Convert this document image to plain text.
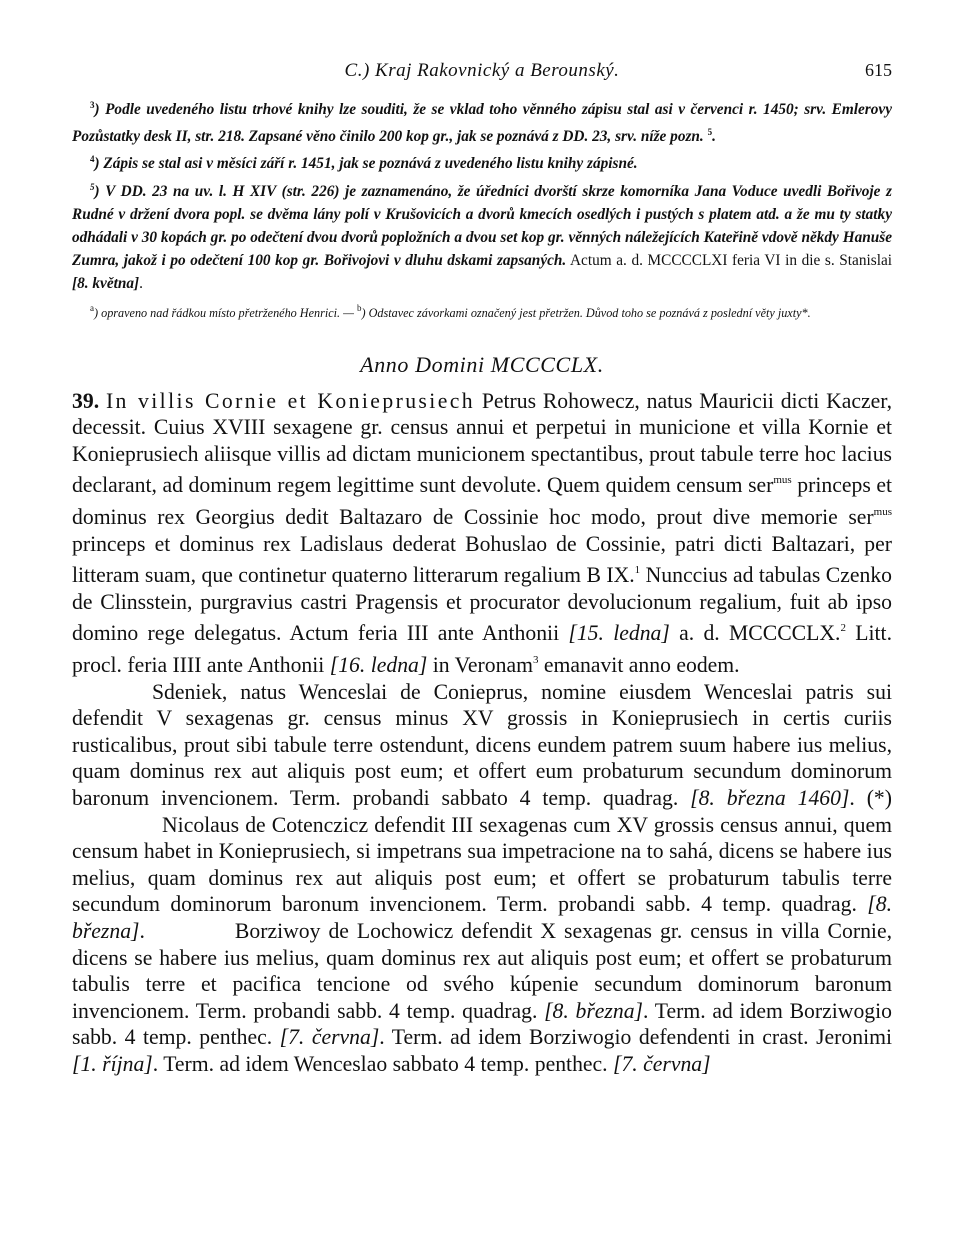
C.) Kraj Rakovnický a Berounský.	615

$^3$) Podle uvedeného listu trhové knihy lze souditi, že se vklad toho věnného zápisu stal asi v červenci r. 1450; srv. Emlerovy Pozůstatky desk II, str. 218. Zapsané věno činilo 200 kop gr., jak se poznává z DD. 23, srv. níže pozn. $^5$.

$^4$) Zápis se stal asi v měsíci září r. 1451, jak se poznává z uvedeného listu knihy zápisné.

$^5$) V DD. 23 na uv. l. H XIV (str. 226) je zaznamenáno, že úředníci dvorští skrze komorníka Jana Voduce uvedli Bořivoje z Rudné v držení dvora popl. se dvěma lány polí v Krušovicích a dvorů kmecích osedlých i pustých s platem atd. a že mu ty statky odhádali v 30 kopách gr. po odečtení dvou dvorů popložních a dvou set kop gr. věnných náležejících Kateřině vdově někdy Hanuše Zumra, jakož i po odečtení 100 kop gr. Bořivojovi v dluhu dskami zapsaných. Actum a. d. MCCCCLXI feria VI in die s. Stanislai [8. května].

$^a$) opraveno nad řádkou místo přetrženého Henrici. — $^b$) Odstavec závorkami označený jest přetržen. Důvod toho se poznává z poslední věty juxty*.

Anno Domini MCCCCLX.

39. In villis Cornie et Konieprusiech Petrus Rohowecz, natus Mauricii dicti Kaczer, decessit. Cuius XVIII sexagene gr. census annui et perpetui in municione et villa Kornie et Konieprusiech aliisque villis ad dictam municionem spectantibus, prout tabule terre hoc lacius declarant, ad dominum regem legittime sunt devolute. Quem quidem censum ser$^{mus}$ princeps et dominus rex Georgius dedit Baltazaro de Cossinie hoc modo, prout dive memorie ser$^{mus}$ princeps et dominus rex Ladislaus dederat Bohuslao de Cossinie, patri dicti Baltazari, per litteram suam, que continetur quaterno litterarum regalium B IX.$^1$ Nunccius ad tabulas Czenko de Clinsstein, purgravius castri Pragensis et procurator devolucionum regalium, fuit ab ipso domino rege delegatus. Actum feria III ante Anthonii [15. ledna] a. d. MCCCCLX.$^2$ Litt. procl. feria IIII ante Anthonii [16. ledna] in Veronam$^3$ emanavit anno eodem.

Sdeniek, natus Wenceslai de Conieprus, nomine eiusdem Wenceslai patris sui defendit V sexagenas gr. census minus XV grossis in Konieprusiech in certis curiis rusticalibus, prout sibi tabule terre ostendunt, dicens eundem patrem suum habere ius melius, quam dominus rex aut aliquis post eum; et offert eum probaturum secundum dominorum baronum invencionem. Term. probandi sabbato 4 temp. quadrag. [8. března 1460]. (*)Nicolaus de Cotenczicz defendit III sexagenas cum XV grossis census annui, quem censum habet in Konieprusiech, si impetrans sua impetracione na to sahá, dicens se habere ius melius, quam dominus rex aut aliquis post eum; et offert se probaturum tabulis terre secundum dominorum baronum invencionem. Term. probandi sabb. 4 temp. quadrag. [8. března].	Borziwoy de Lochowicz defendit X sexagenas gr. census in villa Cornie, dicens se habere ius melius, quam dominus rex aut aliquis post eum; et offert se probaturum tabulis terre et pacifica tencione od svého kúpenie secundum dominorum baronum invencionem. Term. probandi sabb. 4 temp. quadrag. [8. března]. Term. ad idem Borziwogio sabb. 4 temp. penthec. [7. června]. Term. ad idem Borziwogio defendenti in crast. Jeronimi [1. října]. Term. ad idem Wenceslao sabbato 4 temp. penthec. [7. června]
